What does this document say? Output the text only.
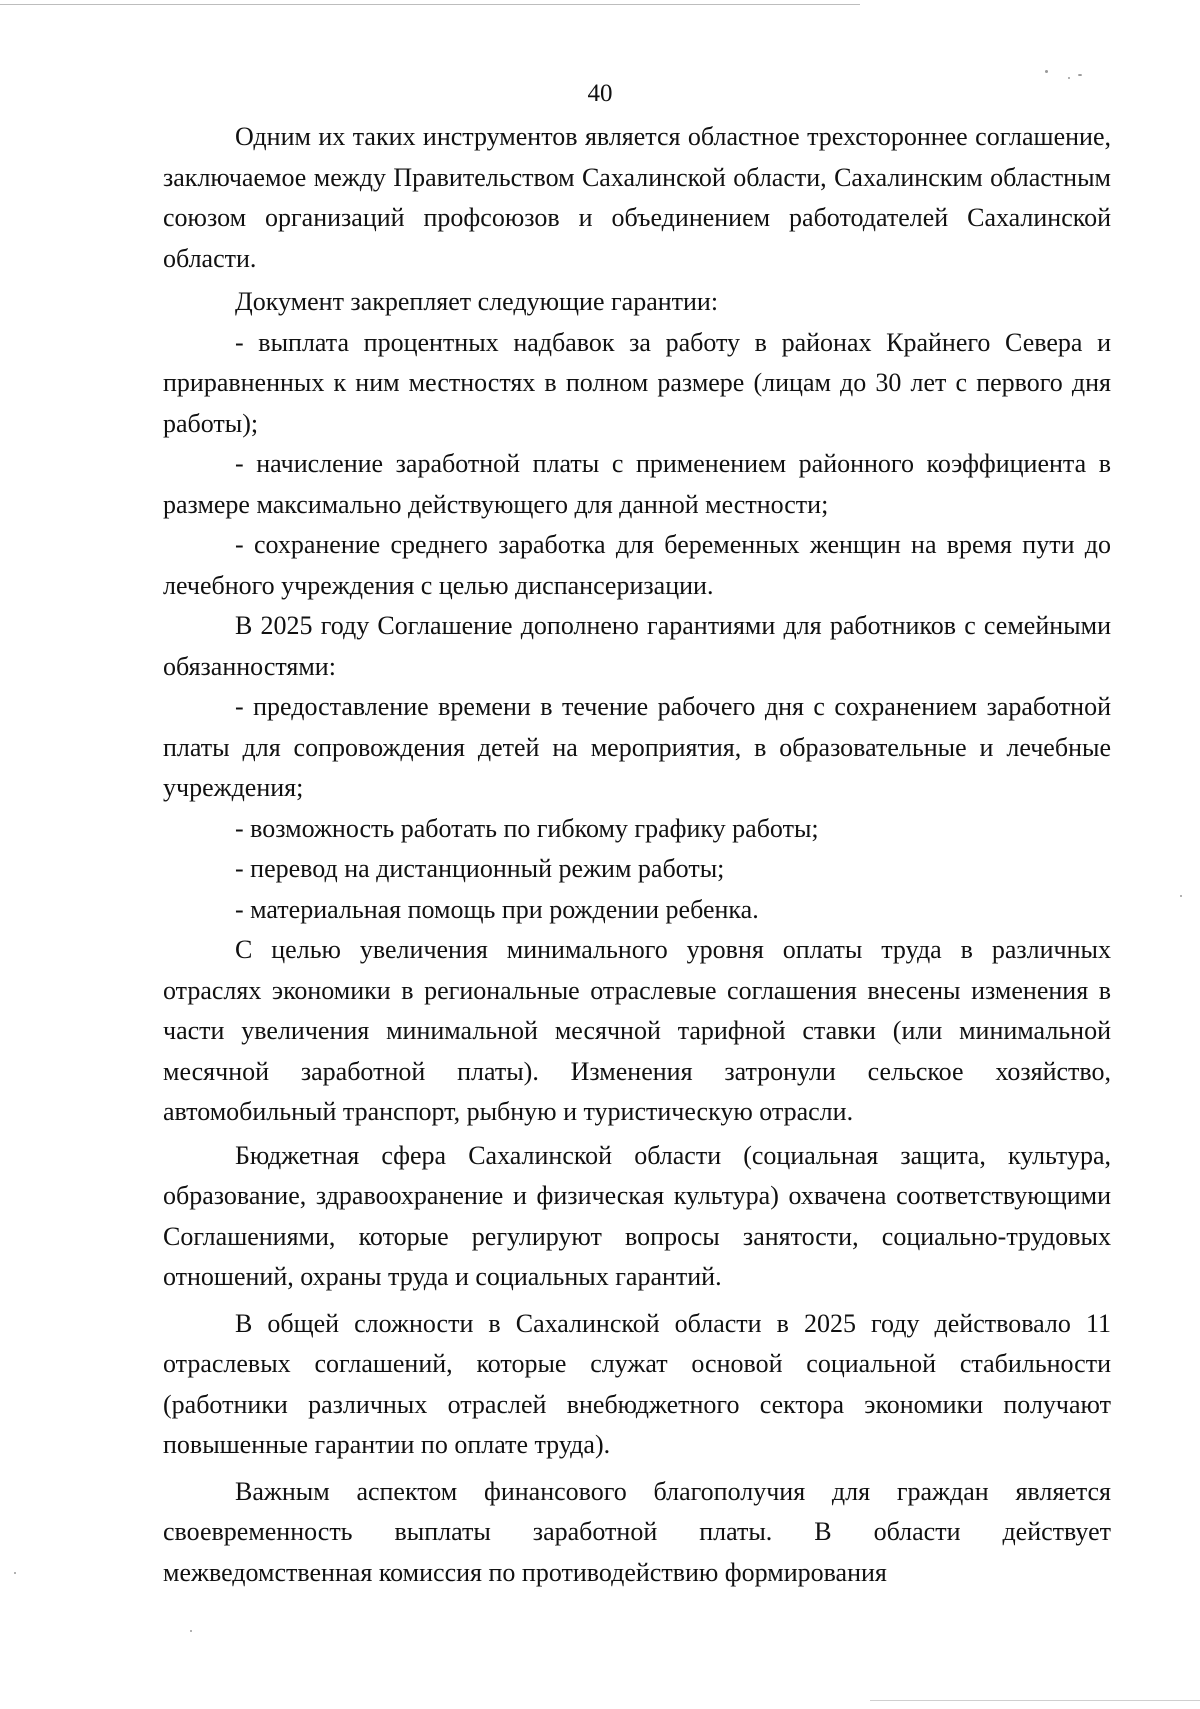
40

Одним их таких инструментов является областное трехстороннее соглашение, заключаемое между Правительством Сахалинской области, Сахалинским областным союзом организаций профсоюзов и объединением работодателей Сахалинской области.

Документ закрепляет следующие гарантии:

- выплата процентных надбавок за работу в районах Крайнего Севера и приравненных к ним местностях в полном размере (лицам до 30 лет с первого дня работы);

- начисление заработной платы с применением районного коэффициента в размере максимально действующего для данной местности;

- сохранение среднего заработка для беременных женщин на время пути до лечебного учреждения с целью диспансеризации.

В 2025 году Соглашение дополнено гарантиями для работников с семейными обязанностями:

- предоставление времени в течение рабочего дня с сохранением заработной платы для сопровождения детей на мероприятия, в образовательные и лечебные учреждения;

- возможность работать по гибкому графику работы;

- перевод на дистанционный режим работы;

- материальная помощь при рождении ребенка.

С целью увеличения минимального уровня оплаты труда в различных отраслях экономики в региональные отраслевые соглашения внесены изменения в части увеличения минимальной месячной тарифной ставки (или минимальной месячной заработной платы). Изменения затронули сельское хозяйство, автомобильный транспорт, рыбную и туристическую отрасли.

Бюджетная сфера Сахалинской области (социальная защита, культура, образование, здравоохранение и физическая культура) охвачена соответствующими Соглашениями, которые регулируют вопросы занятости, социально-трудовых отношений, охраны труда и социальных гарантий.

В общей сложности в Сахалинской области в 2025 году действовало 11 отраслевых соглашений, которые служат основой социальной стабильности (работники различных отраслей внебюджетного сектора экономики получают повышенные гарантии по оплате труда).

Важным аспектом финансового благополучия для граждан является своевременность выплаты заработной платы. В области действует межведомственная комиссия по противодействию формирования
